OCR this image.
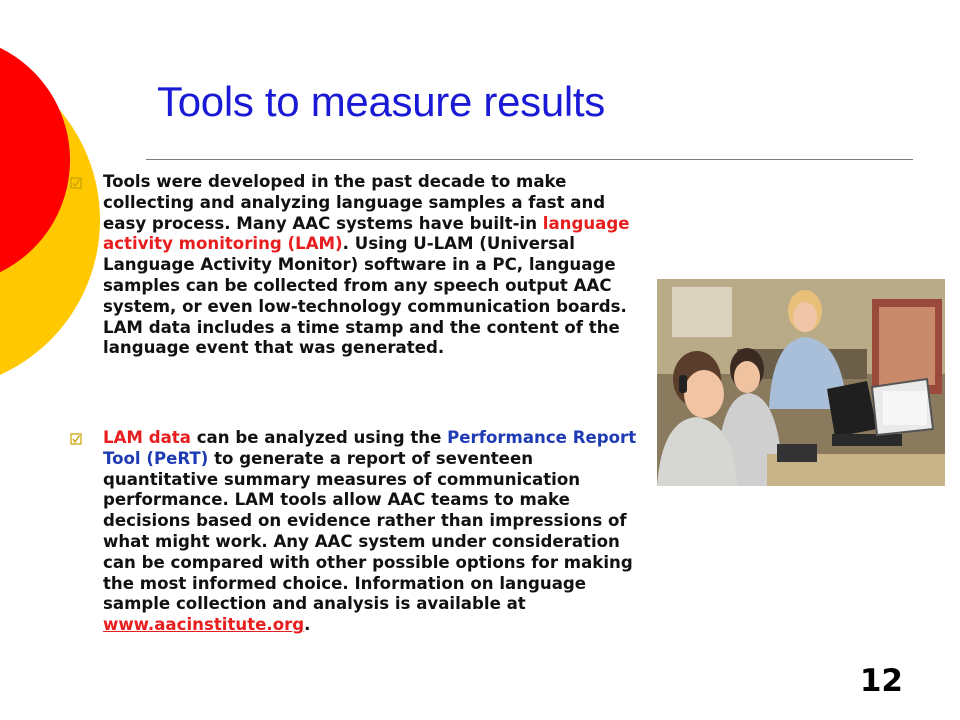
Tools to measure results
Tools were developed in the past decade to make collecting and analyzing language samples a fast and easy process. Many AAC systems have built-in language activity monitoring (LAM). Using U-LAM (Universal Language Activity Monitor) software in a PC, language samples can be collected from any speech output AAC system, or even low-technology communication boards. LAM data includes a time stamp and the content of the language event that was generated.
LAM data can be analyzed using the Performance Report Tool (PeRT) to generate a report of seventeen quantitative summary measures of communication performance. LAM tools allow AAC teams to make decisions based on evidence rather than impressions of what might work. Any AAC system under consideration can be compared with other possible options for making the most informed choice. Information on language sample collection and analysis is available at www.aacinstitute.org.
12
